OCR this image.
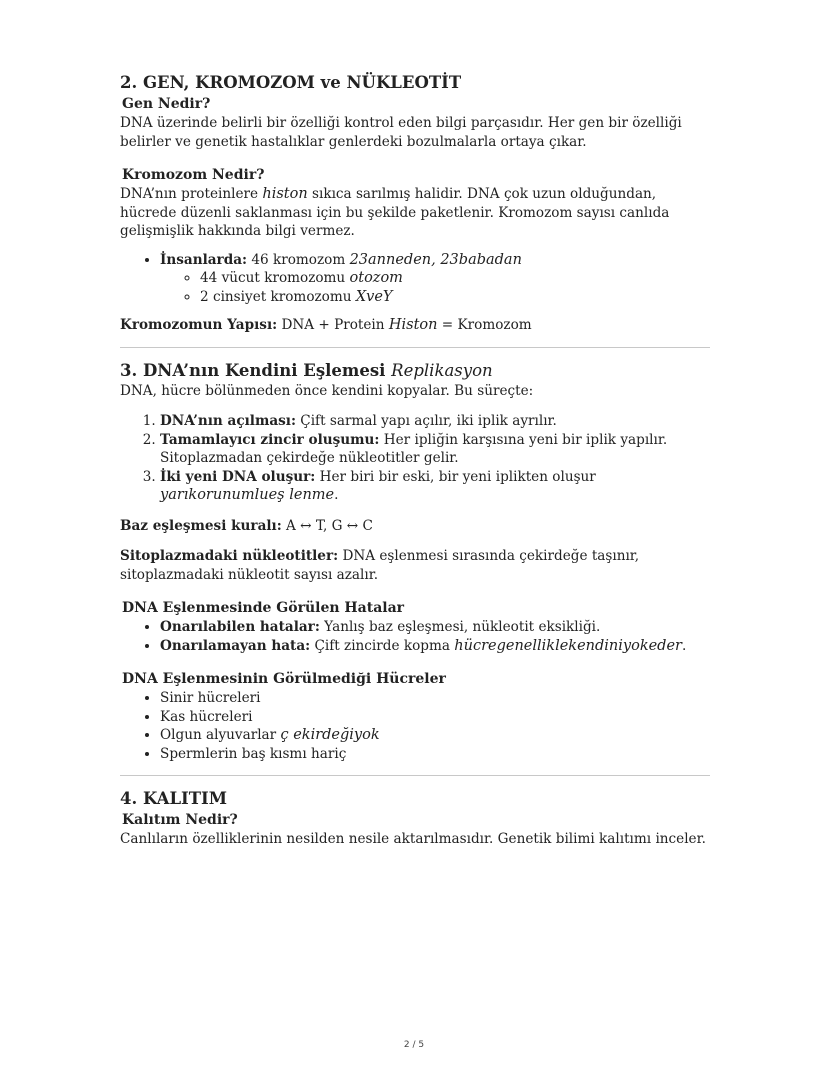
2. GEN, KROMOZOM ve NÜKLEOTİT
Gen Nedir?

DNA üzerinde belirli bir özelliği kontrol eden bilgi parçasıdır. Her gen bir özelliği belirler ve genetik hastalıklar genlerdeki bozulmalarla ortaya çıkar.

Kromozom Nedir?

DNA’nın proteinlere histon sıkıca sarılmış halidir. DNA çok uzun olduğundan, hücrede düzenli saklanması için bu şekilde paketlenir. Kromozom sayısı canlıda gelişmişlik hakkında bilgi vermez.

• İnsanlarda: 46 kromozom 23anneden, 23babadan
◦ 44 vücut kromozomu otozom
◦ 2 cinsiyet kromozomu XveY

Kromozomun Yapısı: DNA + Protein Histon = Kromozom

3. DNA’nın Kendini Eşlemesi Replikasyon

DNA, hücre bölünmeden önce kendini kopyalar. Bu süreçte:

1. DNA’nın açılması: Çift sarmal yapı açılır, iki iplik ayrılır.
2. Tamamlayıcı zincir oluşumu: Her ipliğin karşısına yeni bir iplik yapılır. Sitoplazmadan çekirdeğe nükleotitler gelir.
3. İki yeni DNA oluşur: Her biri bir eski, bir yeni iplikten oluşur
yarıkorunumlueş lenme.

Baz eşleşmesi kuralı: A ↔ T, G ↔ C

Sitoplazmadaki nükleotitler: DNA eşlenmesi sırasında çekirdeğe taşınır, sitoplazmadaki nükleotit sayısı azalır.

DNA Eşlenmesinde Görülen Hatalar
• Onarılabilen hatalar: Yanlış baz eşleşmesi, nükleotit eksikliği.
• Onarılamayan hata: Çift zincirde kopma hücregenelliklekendiniyokeder.
DNA Eşlenmesinin Görülmediği Hücreler
• Sinir hücreleri
• Kas hücreleri
• Olgun alyuvarlar ç ekirdeğiyok
• Spermlerin baş kısmı hariç
4. KALITIM
Kalıtım Nedir?

Canlıların özelliklerinin nesilden nesile aktarılmasıdır. Genetik bilimi kalıtımı inceler.

2 / 5
